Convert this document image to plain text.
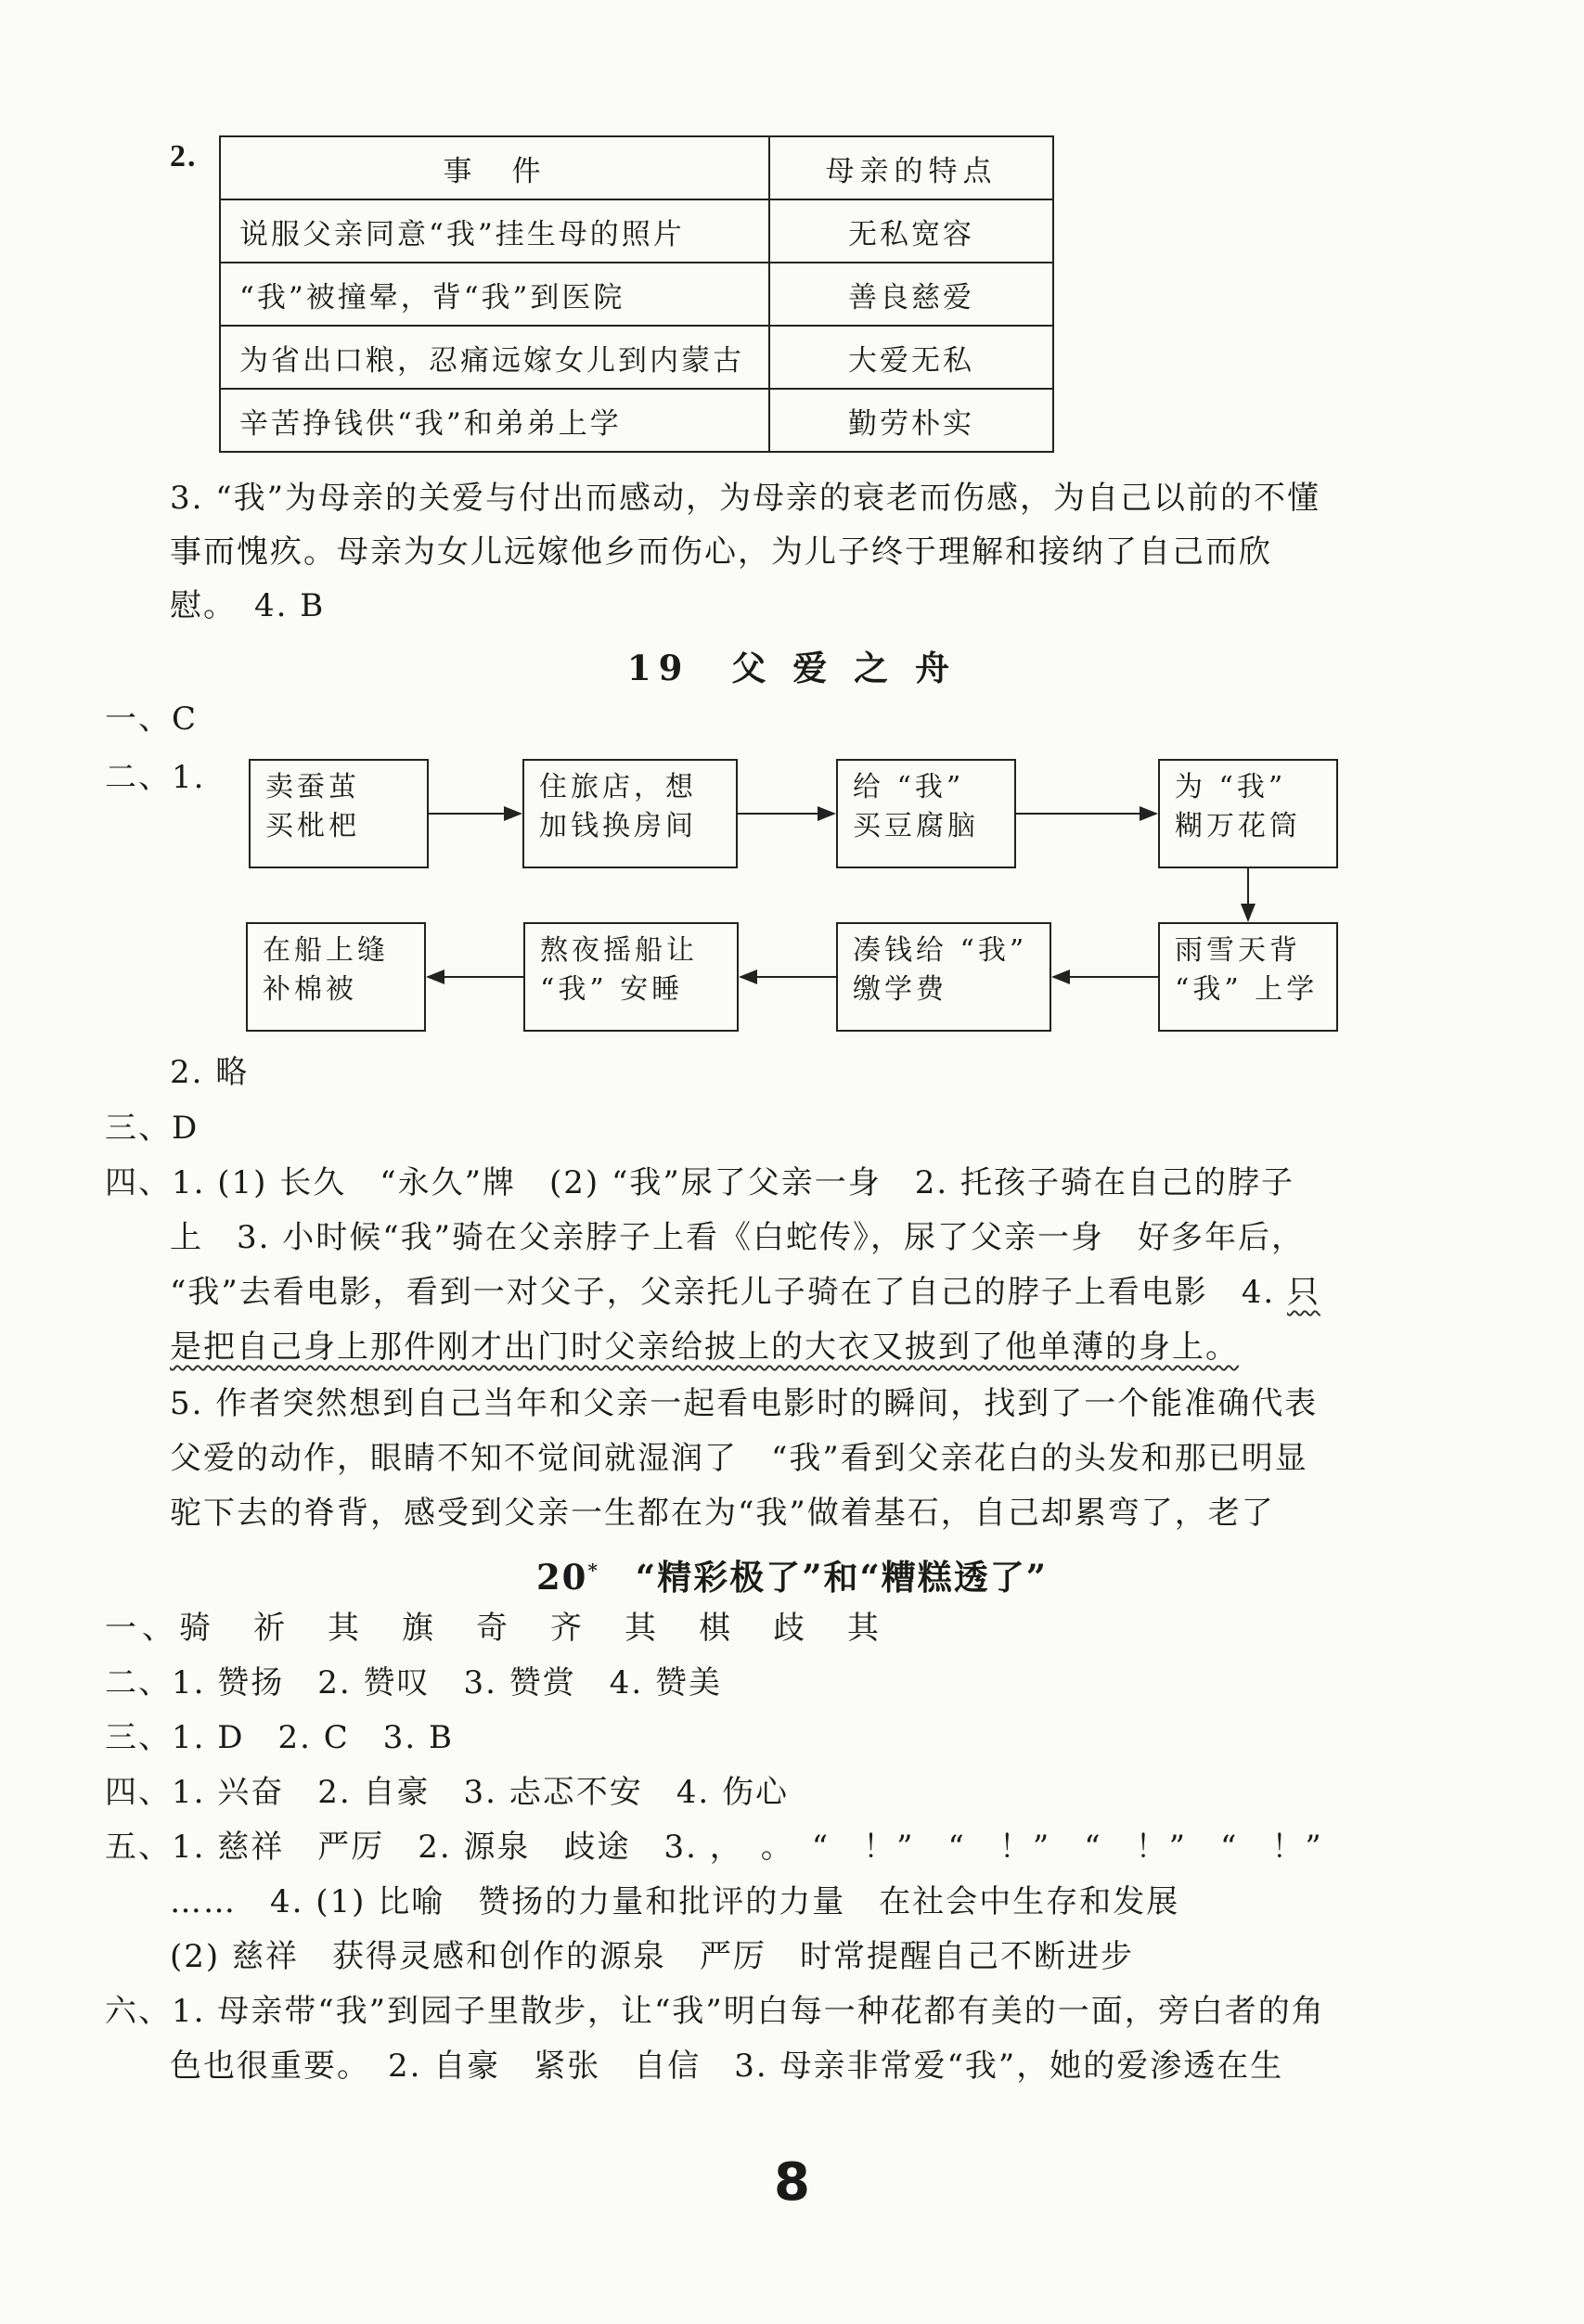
2.	事　件	母亲的特点
说服父亲同意“我”挂生母的照片	无私宽容
“我”被撞晕，背“我”到医院	善良慈爱
为省出口粮，忍痛远嫁女儿到内蒙古	大爱无私
辛苦挣钱供“我”和弟弟上学	勤劳朴实
3. “我”为母亲的关爱与付出而感动，为母亲的衰老而伤感，为自己以前的不懂
事而愧疚。母亲为女儿远嫁他乡而伤心，为儿子终于理解和接纳了自己而欣
慰。　4. B
19　父 爱 之 舟
一、C
二、1. 卖蚕茧
买枇杷
住旅店，想
加钱换房间
给 “我”
买豆腐脑
为 “我”
糊万花筒
在船上缝
补棉被
熬夜摇船让
“我” 安睡
凑钱给 “我”
缴学费
雨雪天背
“我” 上学
2. 略
三、D
四、1. (1) 长久　“永久”牌　(2) “我”尿了父亲一身　2. 托孩子骑在自己的脖子
上　3. 小时候“我”骑在父亲脖子上看《白蛇传》，尿了父亲一身　好多年后，
“我”去看电影，看到一对父子，父亲托儿子骑在了自己的脖子上看电影　4. 只
是把自己身上那件刚才出门时父亲给披上的大衣又披到了他单薄的身上。
5. 作者突然想到自己当年和父亲一起看电影时的瞬间，找到了一个能准确代表
父爱的动作，眼睛不知不觉间就湿润了　“我”看到父亲花白的头发和那已明显
驼下去的脊背，感受到父亲一生都在为“我”做着基石，自己却累弯了，老了
20*　 “精彩极了”和“糟糕透了”
一、骑　祈　其　旗　奇　齐　其　棋　歧　其
二、1. 赞扬　2. 赞叹　3. 赞赏　4. 赞美
三、1. D　2. C　3. B
四、1. 兴奋　2. 自豪　3. 忐忑不安　4. 伤心
五、1. 慈祥　严厉　2. 源泉　歧途　3. ，　。　“　！”　“　！”　“　！”　“　！”
……　4. (1) 比喻　赞扬的力量和批评的力量　在社会中生存和发展
(2) 慈祥　获得灵感和创作的源泉　严厉　时常提醒自己不断进步
六、1. 母亲带“我”到园子里散步，让“我”明白每一种花都有美的一面，旁白者的角
色也很重要。　2. 自豪　紧张　自信　3. 母亲非常爱“我”，她的爱渗透在生
8
